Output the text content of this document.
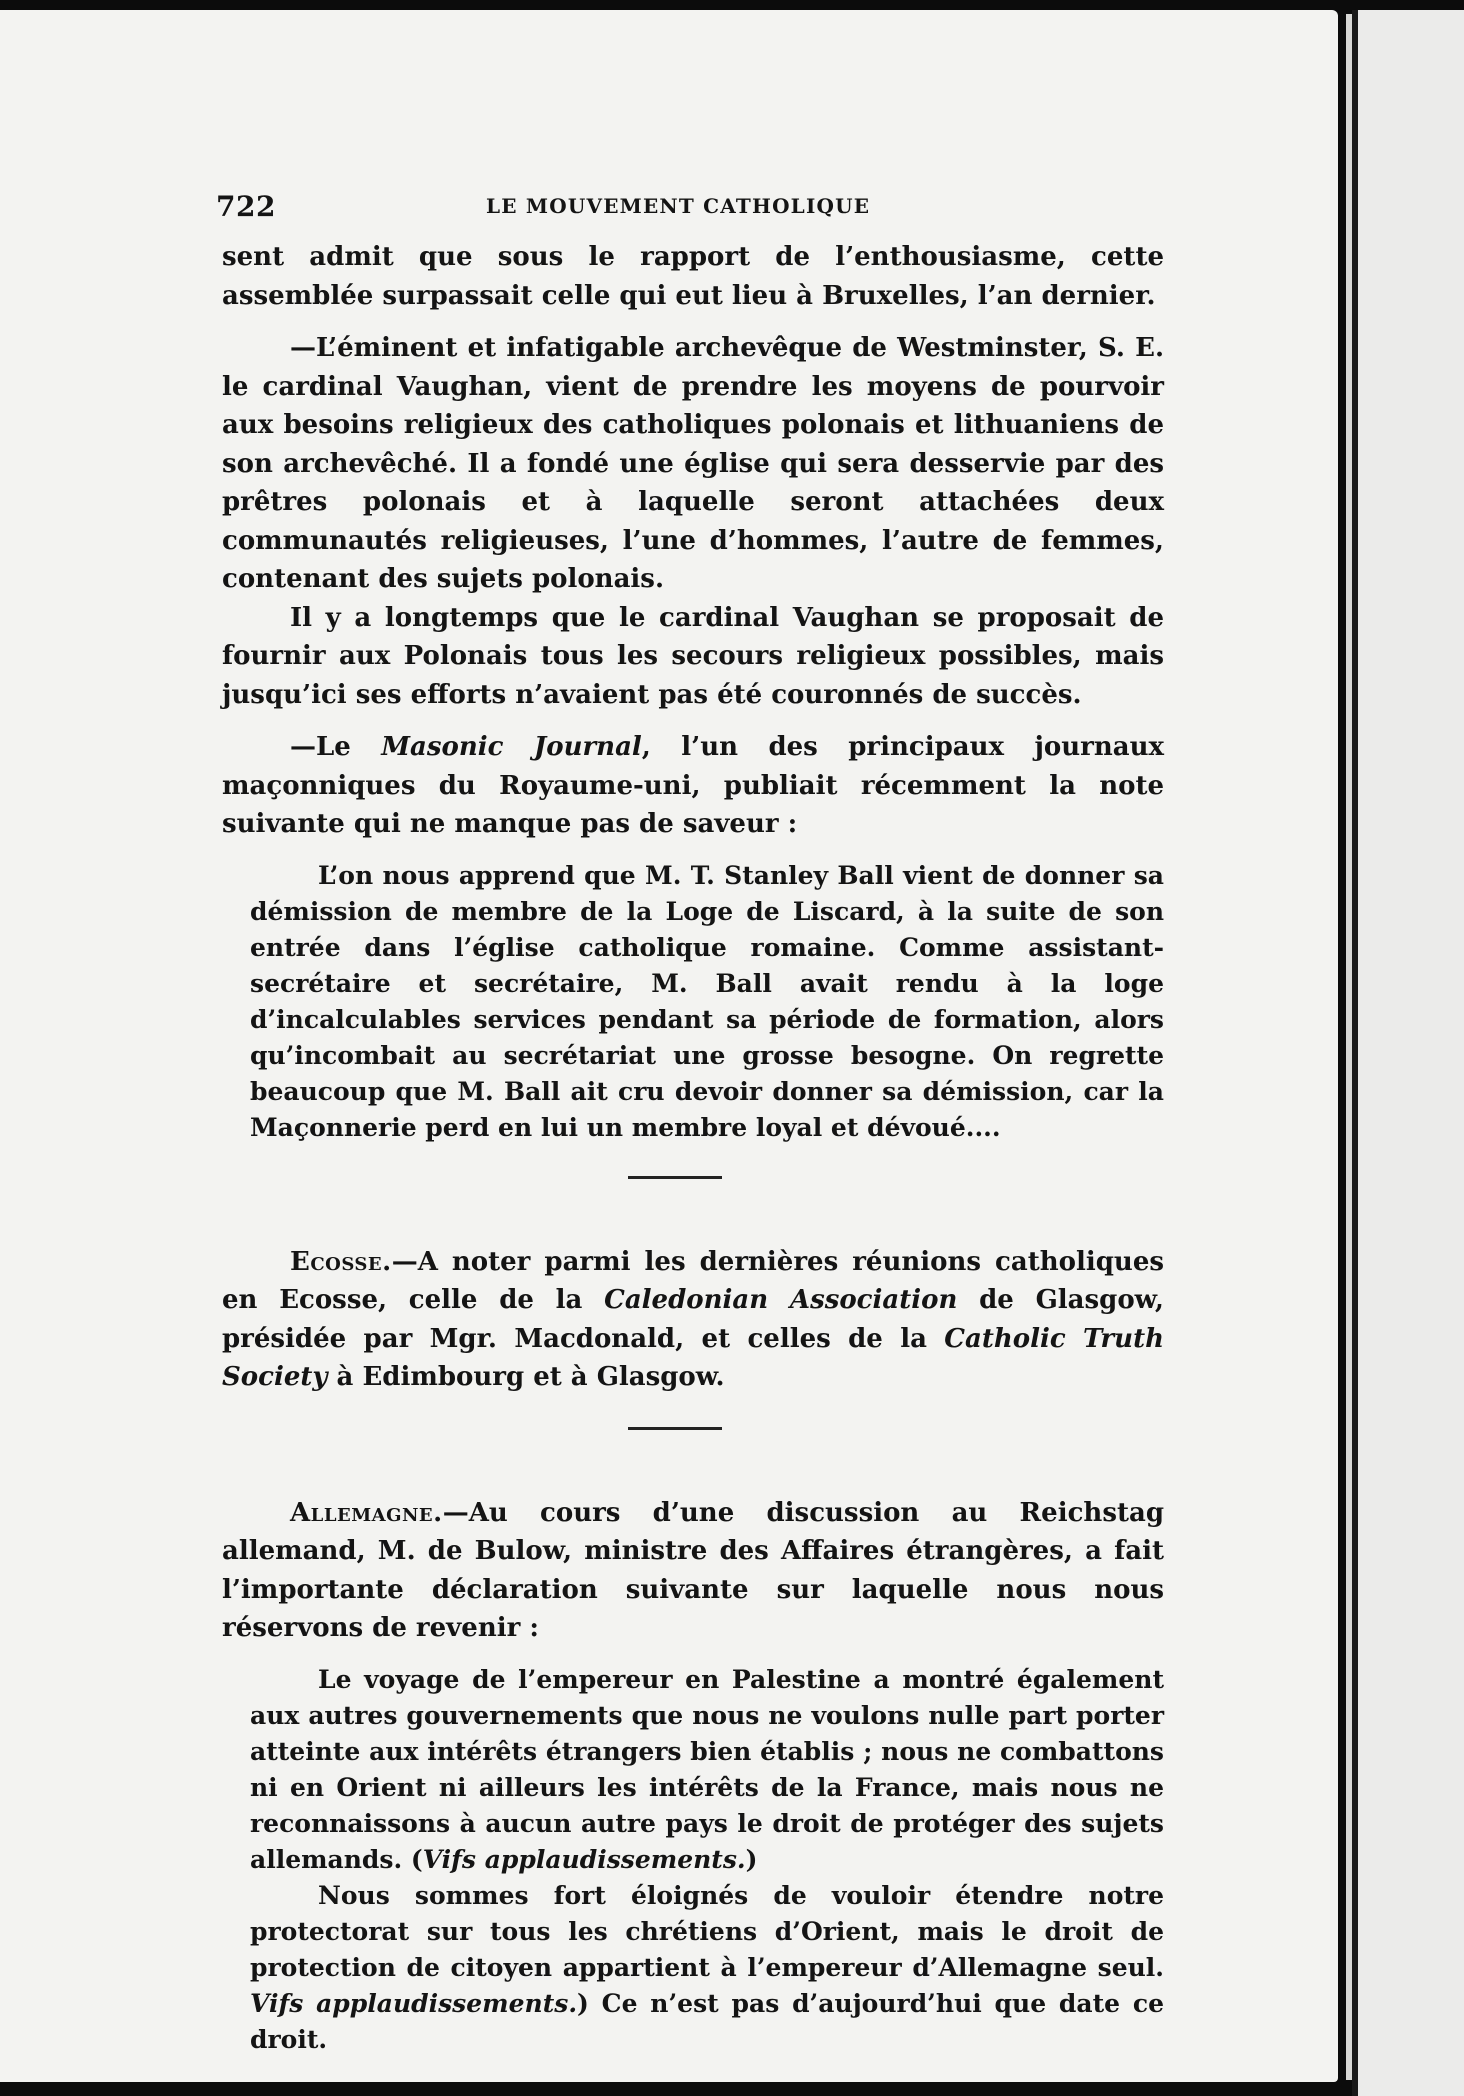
722	LE MOUVEMENT CATHOLIQUE

sent admit que sous le rapport de l’enthousiasme, cette assemblée surpassait celle qui eut lieu à Bruxelles, l’an dernier.

—L’éminent et infatigable archevêque de Westminster, S. E. le cardinal Vaughan, vient de prendre les moyens de pourvoir aux besoins religieux des catholiques polonais et lithuaniens de son archevêché. Il a fondé une église qui sera desservie par des prêtres polonais et à laquelle seront attachées deux communautés religieuses, l’une d’hommes, l’autre de femmes, contenant des sujets polonais.

Il y a longtemps que le cardinal Vaughan se proposait de fournir aux Polonais tous les secours religieux possibles, mais jusqu’ici ses efforts n’avaient pas été couronnés de succès.

—Le Masonic Journal, l’un des principaux journaux maçonniques du Royaume-uni, publiait récemment la note suivante qui ne manque pas de saveur :

L’on nous apprend que M. T. Stanley Ball vient de donner sa démission de membre de la Loge de Liscard, à la suite de son entrée dans l’église catholique romaine. Comme assistant-secrétaire et secrétaire, M. Ball avait rendu à la loge d’incalculables services pendant sa période de formation, alors qu’incombait au secrétariat une grosse besogne. On regrette beaucoup que M. Ball ait cru devoir donner sa démission, car la Maçonnerie perd en lui un membre loyal et dévoué....

Ecosse.—A noter parmi les dernières réunions catholiques en Ecosse, celle de la Caledonian Association de Glasgow, présidée par Mgr. Macdonald, et celles de la Catholic Truth Society à Edimbourg et à Glasgow.

Allemagne.—Au cours d’une discussion au Reichstag allemand, M. de Bulow, ministre des Affaires étrangères, a fait l’importante déclaration suivante sur laquelle nous nous réservons de revenir :

Le voyage de l’empereur en Palestine a montré également aux autres gouvernements que nous ne voulons nulle part porter atteinte aux intérêts étrangers bien établis ; nous ne combattons ni en Orient ni ailleurs les intérêts de la France, mais nous ne reconnaissons à aucun autre pays le droit de protéger des sujets allemands. (Vifs applaudissements.)

Nous sommes fort éloignés de vouloir étendre notre protectorat sur tous les chrétiens d’Orient, mais le droit de protection de citoyen appartient à l’empereur d’Allemagne seul. Vifs applaudissements.) Ce n’est pas d’aujourd’hui que date ce droit.
